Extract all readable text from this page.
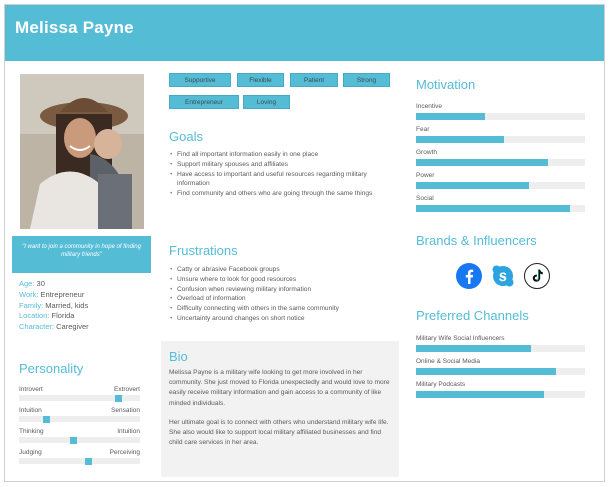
Melissa Payne
"I want to join a community in hope of finding military friends"
Age: 30
Work: Entrepreneur
Family: Married, kids
Location: Florida
Character: Caregiver
Personality
Introvert	Extrovert
Intuition	Sensation
Thinking	Intuition
Judging	Perceiving
Supportive	Flexible	Patient	Strong
Entrepreneur	Loving
Goals
• Find all important information easily in one place
• Support military spouses and affiliates
• Have access to important and useful resources regarding military information
• Find community and others who are going through the same things
Frustrations
• Catty or abrasive Facebook groups
• Unsure where to look for good resources
• Confusion when reviewing military information
• Overload of information
• Difficulty connecting with others in the same community
• Uncertainty around changes on short notice
Bio

Melissa Payne is a military wife looking to get more involved in her community. She just moved to Florida unexpectedly and would love to more easily receive military information and gain access to a community of like minded individuals.

Her ultimate goal is to connect with others who understand military wife life. She also would like to support local military affiliated businesses and find child care services in her area.

Motivation
Incentive
Fear
Growth
Power
Social
Brands & Influencers
Preferred Channels
Military Wife Social Influencers
Online & Social Media
Military Podcasts
